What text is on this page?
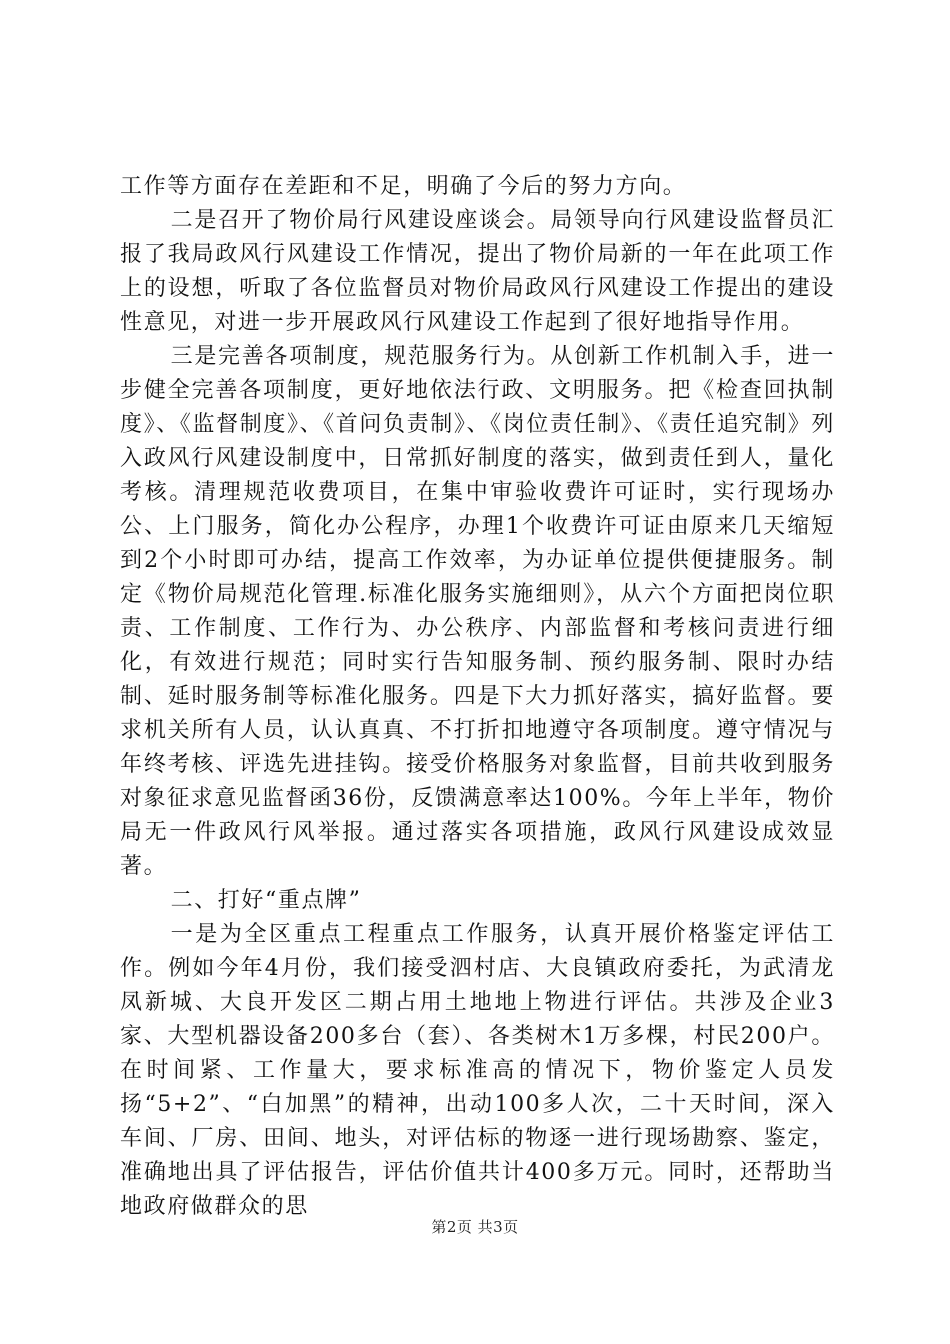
工作等方面存在差距和不足，明确了今后的努力方向。

二是召开了物价局行风建设座谈会。局领导向行风建设监督员汇报了我局政风行风建设工作情况，提出了物价局新的一年在此项工作上的设想，听取了各位监督员对物价局政风行风建设工作提出的建设性意见，对进一步开展政风行风建设工作起到了很好地指导作用。

三是完善各项制度，规范服务行为。从创新工作机制入手，进一步健全完善各项制度，更好地依法行政、文明服务。把《检查回执制度》、《监督制度》、《首问负责制》、《岗位责任制》、《责任追究制》列入政风行风建设制度中，日常抓好制度的落实，做到责任到人，量化考核。清理规范收费项目，在集中审验收费许可证时，实行现场办公、上门服务，简化办公程序，办理1个收费许可证由原来几天缩短到2个小时即可办结，提高工作效率，为办证单位提供便捷服务。制定《物价局规范化管理.标准化服务实施细则》，从六个方面把岗位职责、工作制度、工作行为、办公秩序、内部监督和考核问责进行细化，有效进行规范；同时实行告知服务制、预约服务制、限时办结制、延时服务制等标准化服务。四是下大力抓好落实，搞好监督。要求机关所有人员，认认真真、不打折扣地遵守各项制度。遵守情况与年终考核、评选先进挂钩。接受价格服务对象监督，目前共收到服务对象征求意见监督函36份，反馈满意率达100%。今年上半年，物价局无一件政风行风举报。通过落实各项措施，政风行风建设成效显著。

二、打好“重点牌”

一是为全区重点工程重点工作服务，认真开展价格鉴定评估工作。例如今年4月份，我们接受泗村店、大良镇政府委托，为武清龙凤新城、大良开发区二期占用土地地上物进行评估。共涉及企业3家、大型机器设备200多台（套）、各类树木1万多棵，村民200户。在时间紧、工作量大，要求标准高的情况下，物价鉴定人员发扬“5+2”、“白加黑”的精神，出动100多人次，二十天时间，深入车间、厂房、田间、地头，对评估标的物逐一进行现场勘察、鉴定，准确地出具了评估报告，评估价值共计400多万元。同时，还帮助当地政府做群众的思

第2页 共3页
